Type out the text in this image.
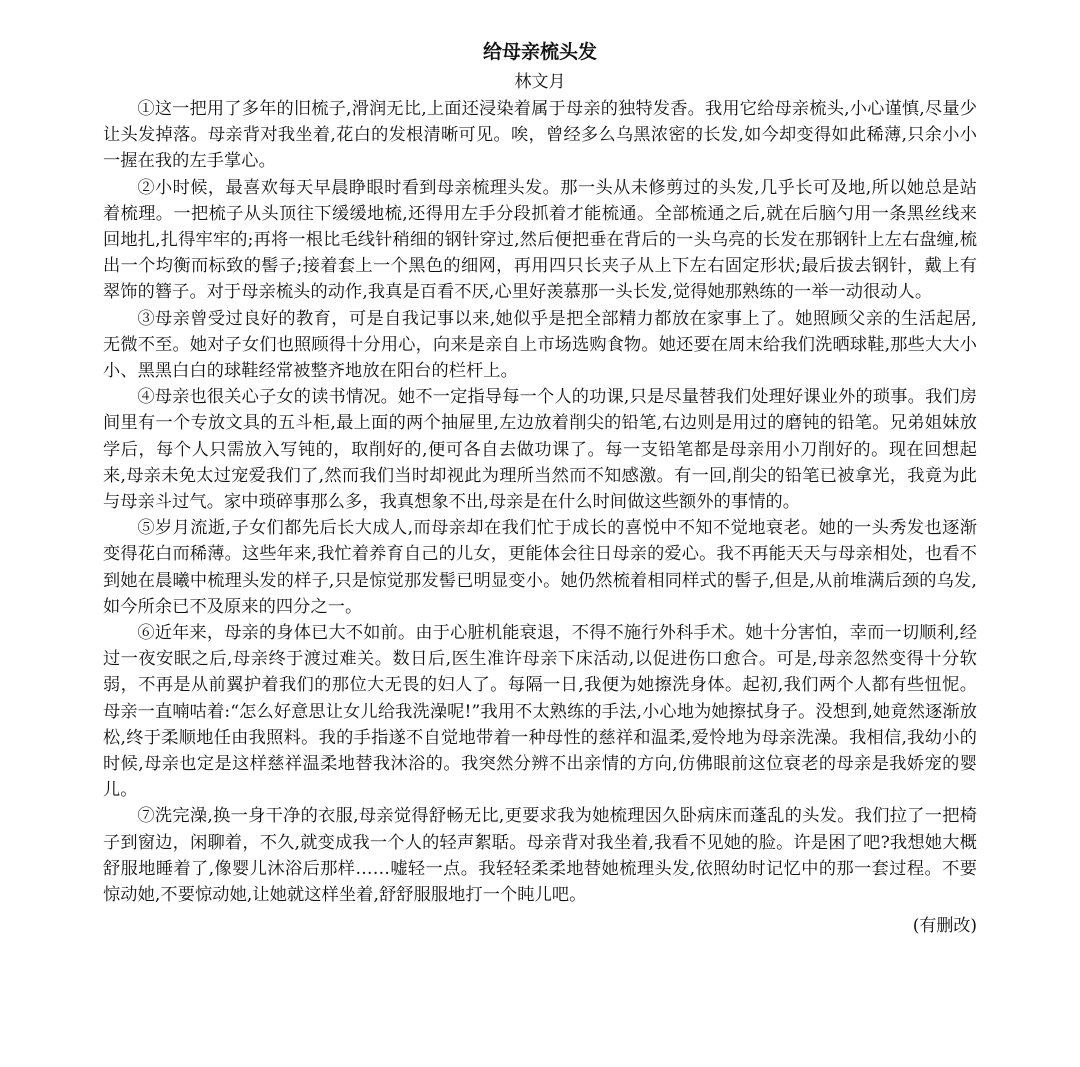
给母亲梳头发
林文月

①这一把用了多年的旧梳子,滑润无比,上面还浸染着属于母亲的独特发香。我用它给母亲梳头,小心谨慎,尽量少让头发掉落。母亲背对我坐着,花白的发根清晰可见。唉，曾经多么乌黑浓密的长发,如今却变得如此稀薄,只余小小一握在我的左手掌心。

②小时候，最喜欢每天早晨睁眼时看到母亲梳理头发。那一头从未修剪过的头发,几乎长可及地,所以她总是站着梳理。一把梳子从头顶往下缓缓地梳,还得用左手分段抓着才能梳通。全部梳通之后,就在后脑勺用一条黑丝线来回地扎,扎得牢牢的;再将一根比毛线针稍细的钢针穿过,然后便把垂在背后的一头乌亮的长发在那钢针上左右盘缠,梳出一个均衡而标致的髻子;接着套上一个黑色的细网，再用四只长夹子从上下左右固定形状;最后拔去钢针，戴上有翠饰的簪子。对于母亲梳头的动作,我真是百看不厌,心里好羡慕那一头长发,觉得她那熟练的一举一动很动人。

③母亲曾受过良好的教育，可是自我记事以来,她似乎是把全部精力都放在家事上了。她照顾父亲的生活起居,无微不至。她对子女们也照顾得十分用心，向来是亲自上市场选购食物。她还要在周末给我们洗晒球鞋,那些大大小小、黑黑白白的球鞋经常被整齐地放在阳台的栏杆上。

④母亲也很关心子女的读书情况。她不一定指导每一个人的功课,只是尽量替我们处理好课业外的琐事。我们房间里有一个专放文具的五斗柜,最上面的两个抽屉里,左边放着削尖的铅笔,右边则是用过的磨钝的铅笔。兄弟姐妹放学后，每个人只需放入写钝的，取削好的,便可各自去做功课了。每一支铅笔都是母亲用小刀削好的。现在回想起来,母亲未免太过宠爱我们了,然而我们当时却视此为理所当然而不知感激。有一回,削尖的铅笔已被拿光，我竟为此与母亲斗过气。家中琐碎事那么多，我真想象不出,母亲是在什么时间做这些额外的事情的。

⑤岁月流逝,子女们都先后长大成人,而母亲却在我们忙于成长的喜悦中不知不觉地衰老。她的一头秀发也逐渐变得花白而稀薄。这些年来,我忙着养育自己的儿女，更能体会往日母亲的爱心。我不再能天天与母亲相处，也看不到她在晨曦中梳理头发的样子,只是惊觉那发髻已明显变小。她仍然梳着相同样式的髻子,但是,从前堆满后颈的乌发,如今所余已不及原来的四分之一。

⑥近年来，母亲的身体已大不如前。由于心脏机能衰退，不得不施行外科手术。她十分害怕，幸而一切顺利,经过一夜安眠之后,母亲终于渡过难关。数日后,医生准许母亲下床活动,以促进伤口愈合。可是,母亲忽然变得十分软弱，不再是从前翼护着我们的那位大无畏的妇人了。每隔一日,我便为她擦洗身体。起初,我们两个人都有些忸怩。母亲一直喃咕着:“怎么好意思让女儿给我洗澡呢!”我用不太熟练的手法,小心地为她擦拭身子。没想到,她竟然逐渐放松,终于柔顺地任由我照料。我的手指遂不自觉地带着一种母性的慈祥和温柔,爱怜地为母亲洗澡。我相信,我幼小的时候,母亲也定是这样慈祥温柔地替我沐浴的。我突然分辨不出亲情的方向,仿佛眼前这位衰老的母亲是我娇宠的婴儿。

⑦洗完澡,换一身干净的衣服,母亲觉得舒畅无比,更要求我为她梳理因久卧病床而蓬乱的头发。我们拉了一把椅子到窗边，闲聊着，不久,就变成我一个人的轻声絮聒。母亲背对我坐着,我看不见她的脸。许是困了吧?我想她大概舒服地睡着了,像婴儿沐浴后那样……嘘轻一点。我轻轻柔柔地替她梳理头发,依照幼时记忆中的那一套过程。不要惊动她,不要惊动她,让她就这样坐着,舒舒服服地打一个盹儿吧。

(有删改)
